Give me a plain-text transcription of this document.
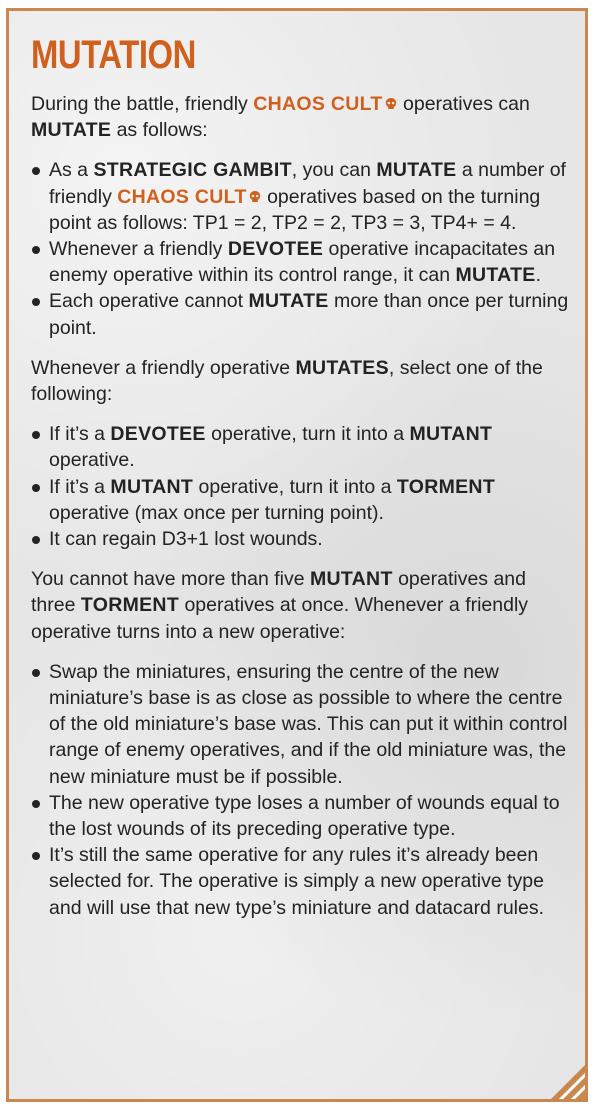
MUTATION

During the battle, friendly CHAOS CULT operatives can MUTATE as follows:

As a STRATEGIC GAMBIT, you can MUTATE a number of friendly CHAOS CULT operatives based on the turning point as follows: TP1 = 2, TP2 = 2, TP3 = 3, TP4+ = 4.
Whenever a friendly DEVOTEE operative incapacitates an enemy operative within its control range, it can MUTATE.
Each operative cannot MUTATE more than once per turning point.

Whenever a friendly operative MUTATES, select one of the following:

If it’s a DEVOTEE operative, turn it into a MUTANT operative.
If it’s a MUTANT operative, turn it into a TORMENT operative (max once per turning point).
It can regain D3+1 lost wounds.

You cannot have more than five MUTANT operatives and three TORMENT operatives at once. Whenever a friendly operative turns into a new operative:

Swap the miniatures, ensuring the centre of the new miniature’s base is as close as possible to where the centre of the old miniature’s base was. This can put it within control range of enemy operatives, and if the old miniature was, the new miniature must be if possible.
The new operative type loses a number of wounds equal to the lost wounds of its preceding operative type.
It’s still the same operative for any rules it’s already been selected for. The operative is simply a new operative type and will use that new type’s miniature and datacard rules.
